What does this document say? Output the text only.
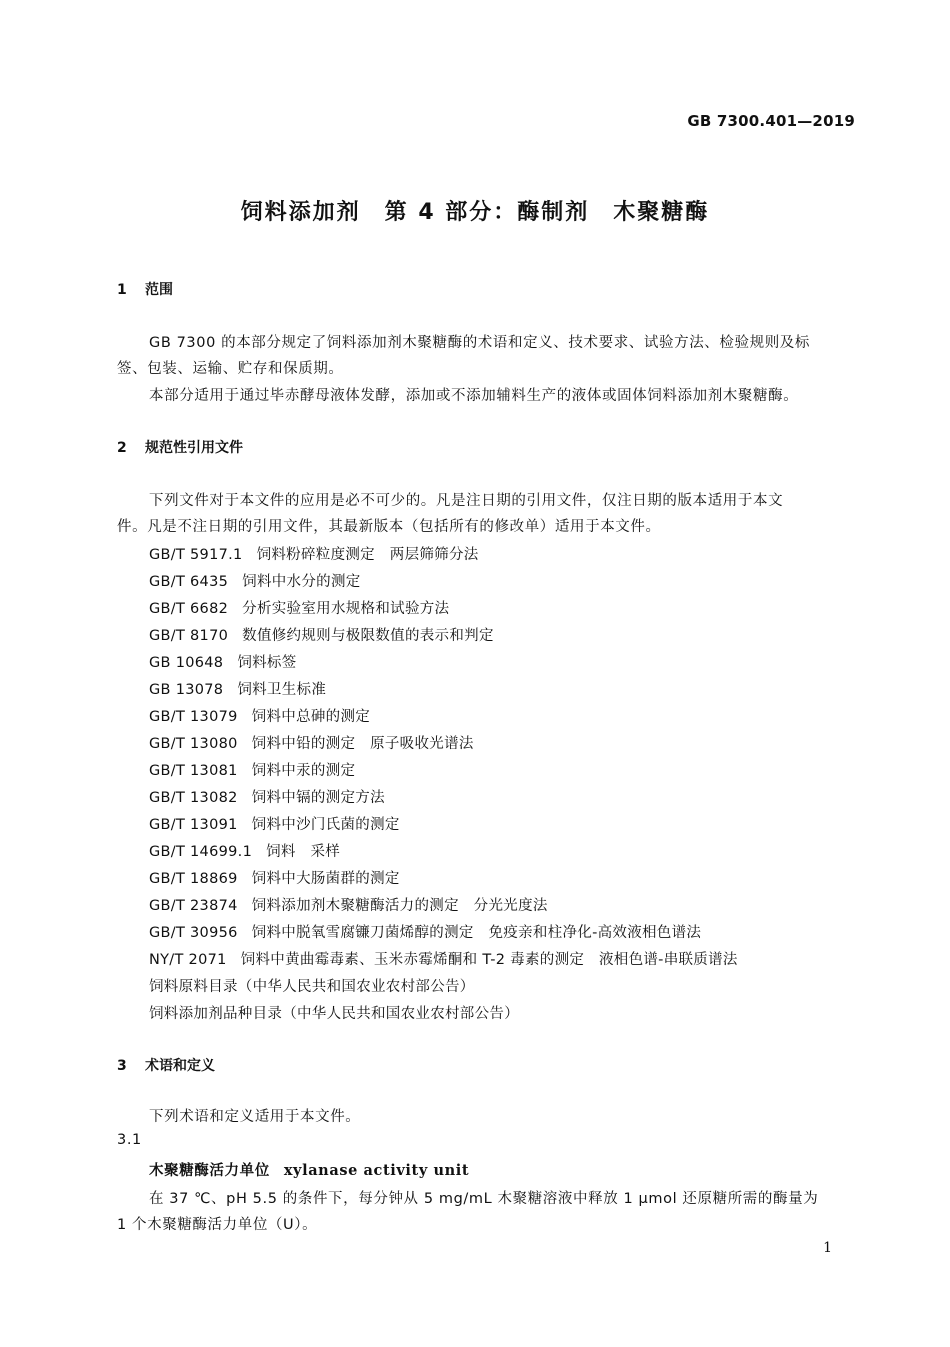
GB 7300.401—2019
饲料添加剂　第 4 部分：酶制剂　木聚糖酶
1 范围
GB 7300 的本部分规定了饲料添加剂木聚糖酶的术语和定义、技术要求、试验方法、检验规则及标
签、包装、运输、贮存和保质期。
本部分适用于通过毕赤酵母液体发酵，添加或不添加辅料生产的液体或固体饲料添加剂木聚糖酶。
2 规范性引用文件
下列文件对于本文件的应用是必不可少的。凡是注日期的引用文件，仅注日期的版本适用于本文
件。凡是不注日期的引用文件，其最新版本（包括所有的修改单）适用于本文件。
GB/T 5917.1 饲料粉碎粒度测定　两层筛筛分法
GB/T 6435 饲料中水分的测定
GB/T 6682 分析实验室用水规格和试验方法
GB/T 8170 数值修约规则与极限数值的表示和判定
GB 10648 饲料标签
GB 13078 饲料卫生标准
GB/T 13079 饲料中总砷的测定
GB/T 13080 饲料中铅的测定　原子吸收光谱法
GB/T 13081 饲料中汞的测定
GB/T 13082 饲料中镉的测定方法
GB/T 13091 饲料中沙门氏菌的测定
GB/T 14699.1 饲料　采样
GB/T 18869 饲料中大肠菌群的测定
GB/T 23874 饲料添加剂木聚糖酶活力的测定　分光光度法
GB/T 30956 饲料中脱氧雪腐镰刀菌烯醇的测定　免疫亲和柱净化-高效液相色谱法
NY/T 2071 饲料中黄曲霉毒素、玉米赤霉烯酮和 T-2 毒素的测定　液相色谱-串联质谱法
饲料原料目录（中华人民共和国农业农村部公告）
饲料添加剂品种目录（中华人民共和国农业农村部公告）
3 术语和定义
下列术语和定义适用于本文件。
3.1
木聚糖酶活力单位 xylanase activity unit
在 37 ℃、pH 5.5 的条件下，每分钟从 5 mg/mL 木聚糖溶液中释放 1 μmol 还原糖所需的酶量为
1 个木聚糖酶活力单位（U）。
1
